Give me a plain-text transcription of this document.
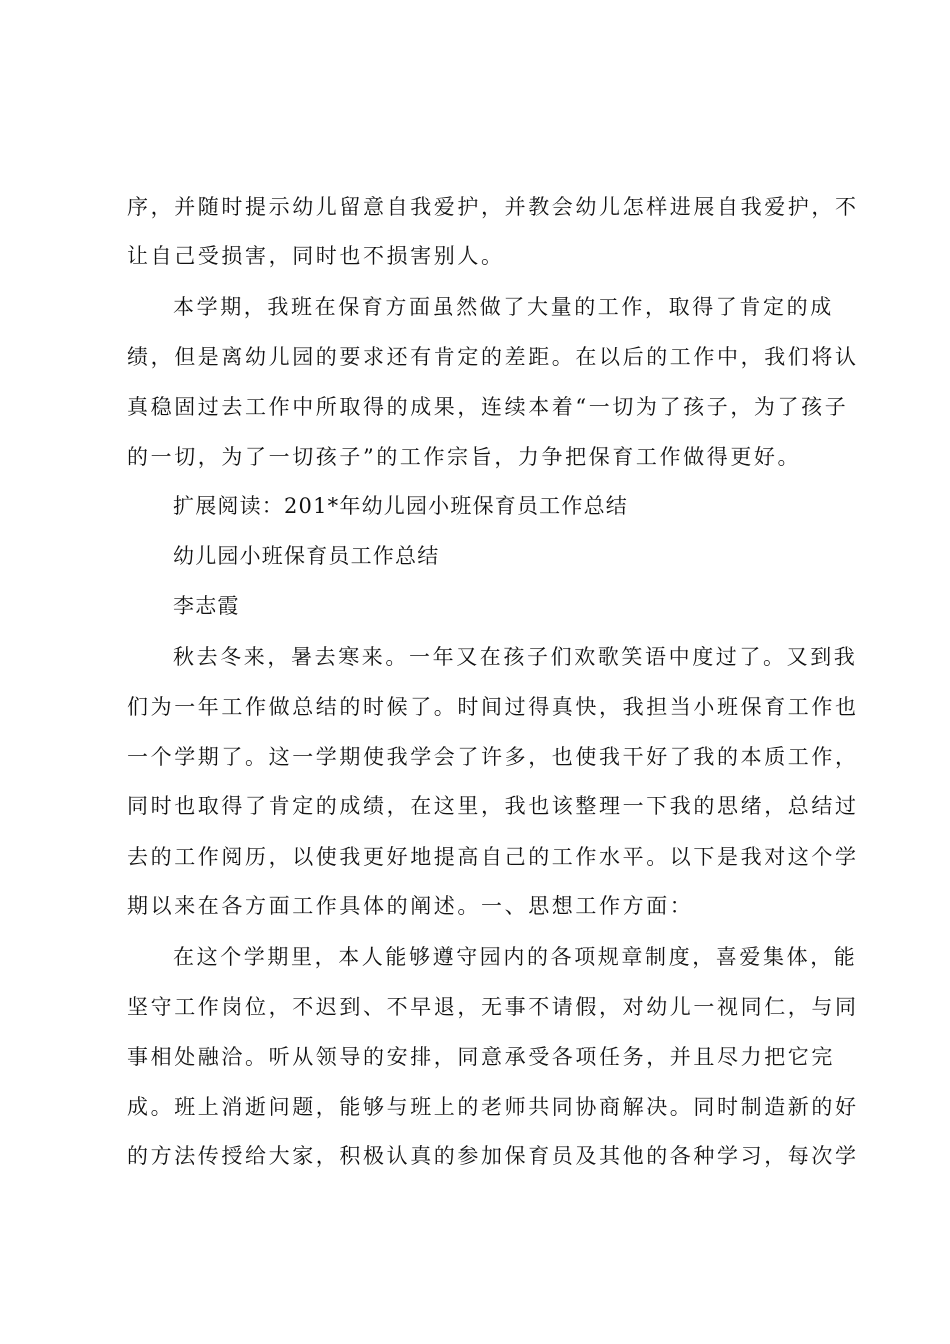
序，并随时提示幼儿留意自我爱护，并教会幼儿怎样进展自我爱护，不
让自己受损害，同时也不损害别人。
本学期，我班在保育方面虽然做了大量的工作，取得了肯定的成
绩，但是离幼儿园的要求还有肯定的差距。在以后的工作中，我们将认
真稳固过去工作中所取得的成果，连续本着“一切为了孩子，为了孩子
的一切，为了一切孩子”的工作宗旨，力争把保育工作做得更好。
扩展阅读：201*年幼儿园小班保育员工作总结
幼儿园小班保育员工作总结
李志霞
秋去冬来，暑去寒来。一年又在孩子们欢歌笑语中度过了。又到我
们为一年工作做总结的时候了。时间过得真快，我担当小班保育工作也
一个学期了。这一学期使我学会了许多，也使我干好了我的本质工作，
同时也取得了肯定的成绩，在这里，我也该整理一下我的思绪，总结过
去的工作阅历，以使我更好地提高自己的工作水平。以下是我对这个学
期以来在各方面工作具体的阐述。一、思想工作方面：
在这个学期里，本人能够遵守园内的各项规章制度，喜爱集体，能
坚守工作岗位，不迟到、不早退，无事不请假，对幼儿一视同仁，与同
事相处融洽。听从领导的安排，同意承受各项任务，并且尽力把它完
成。班上消逝问题，能够与班上的老师共同协商解决。同时制造新的好
的方法传授给大家，积极认真的参加保育员及其他的各种学习，每次学
